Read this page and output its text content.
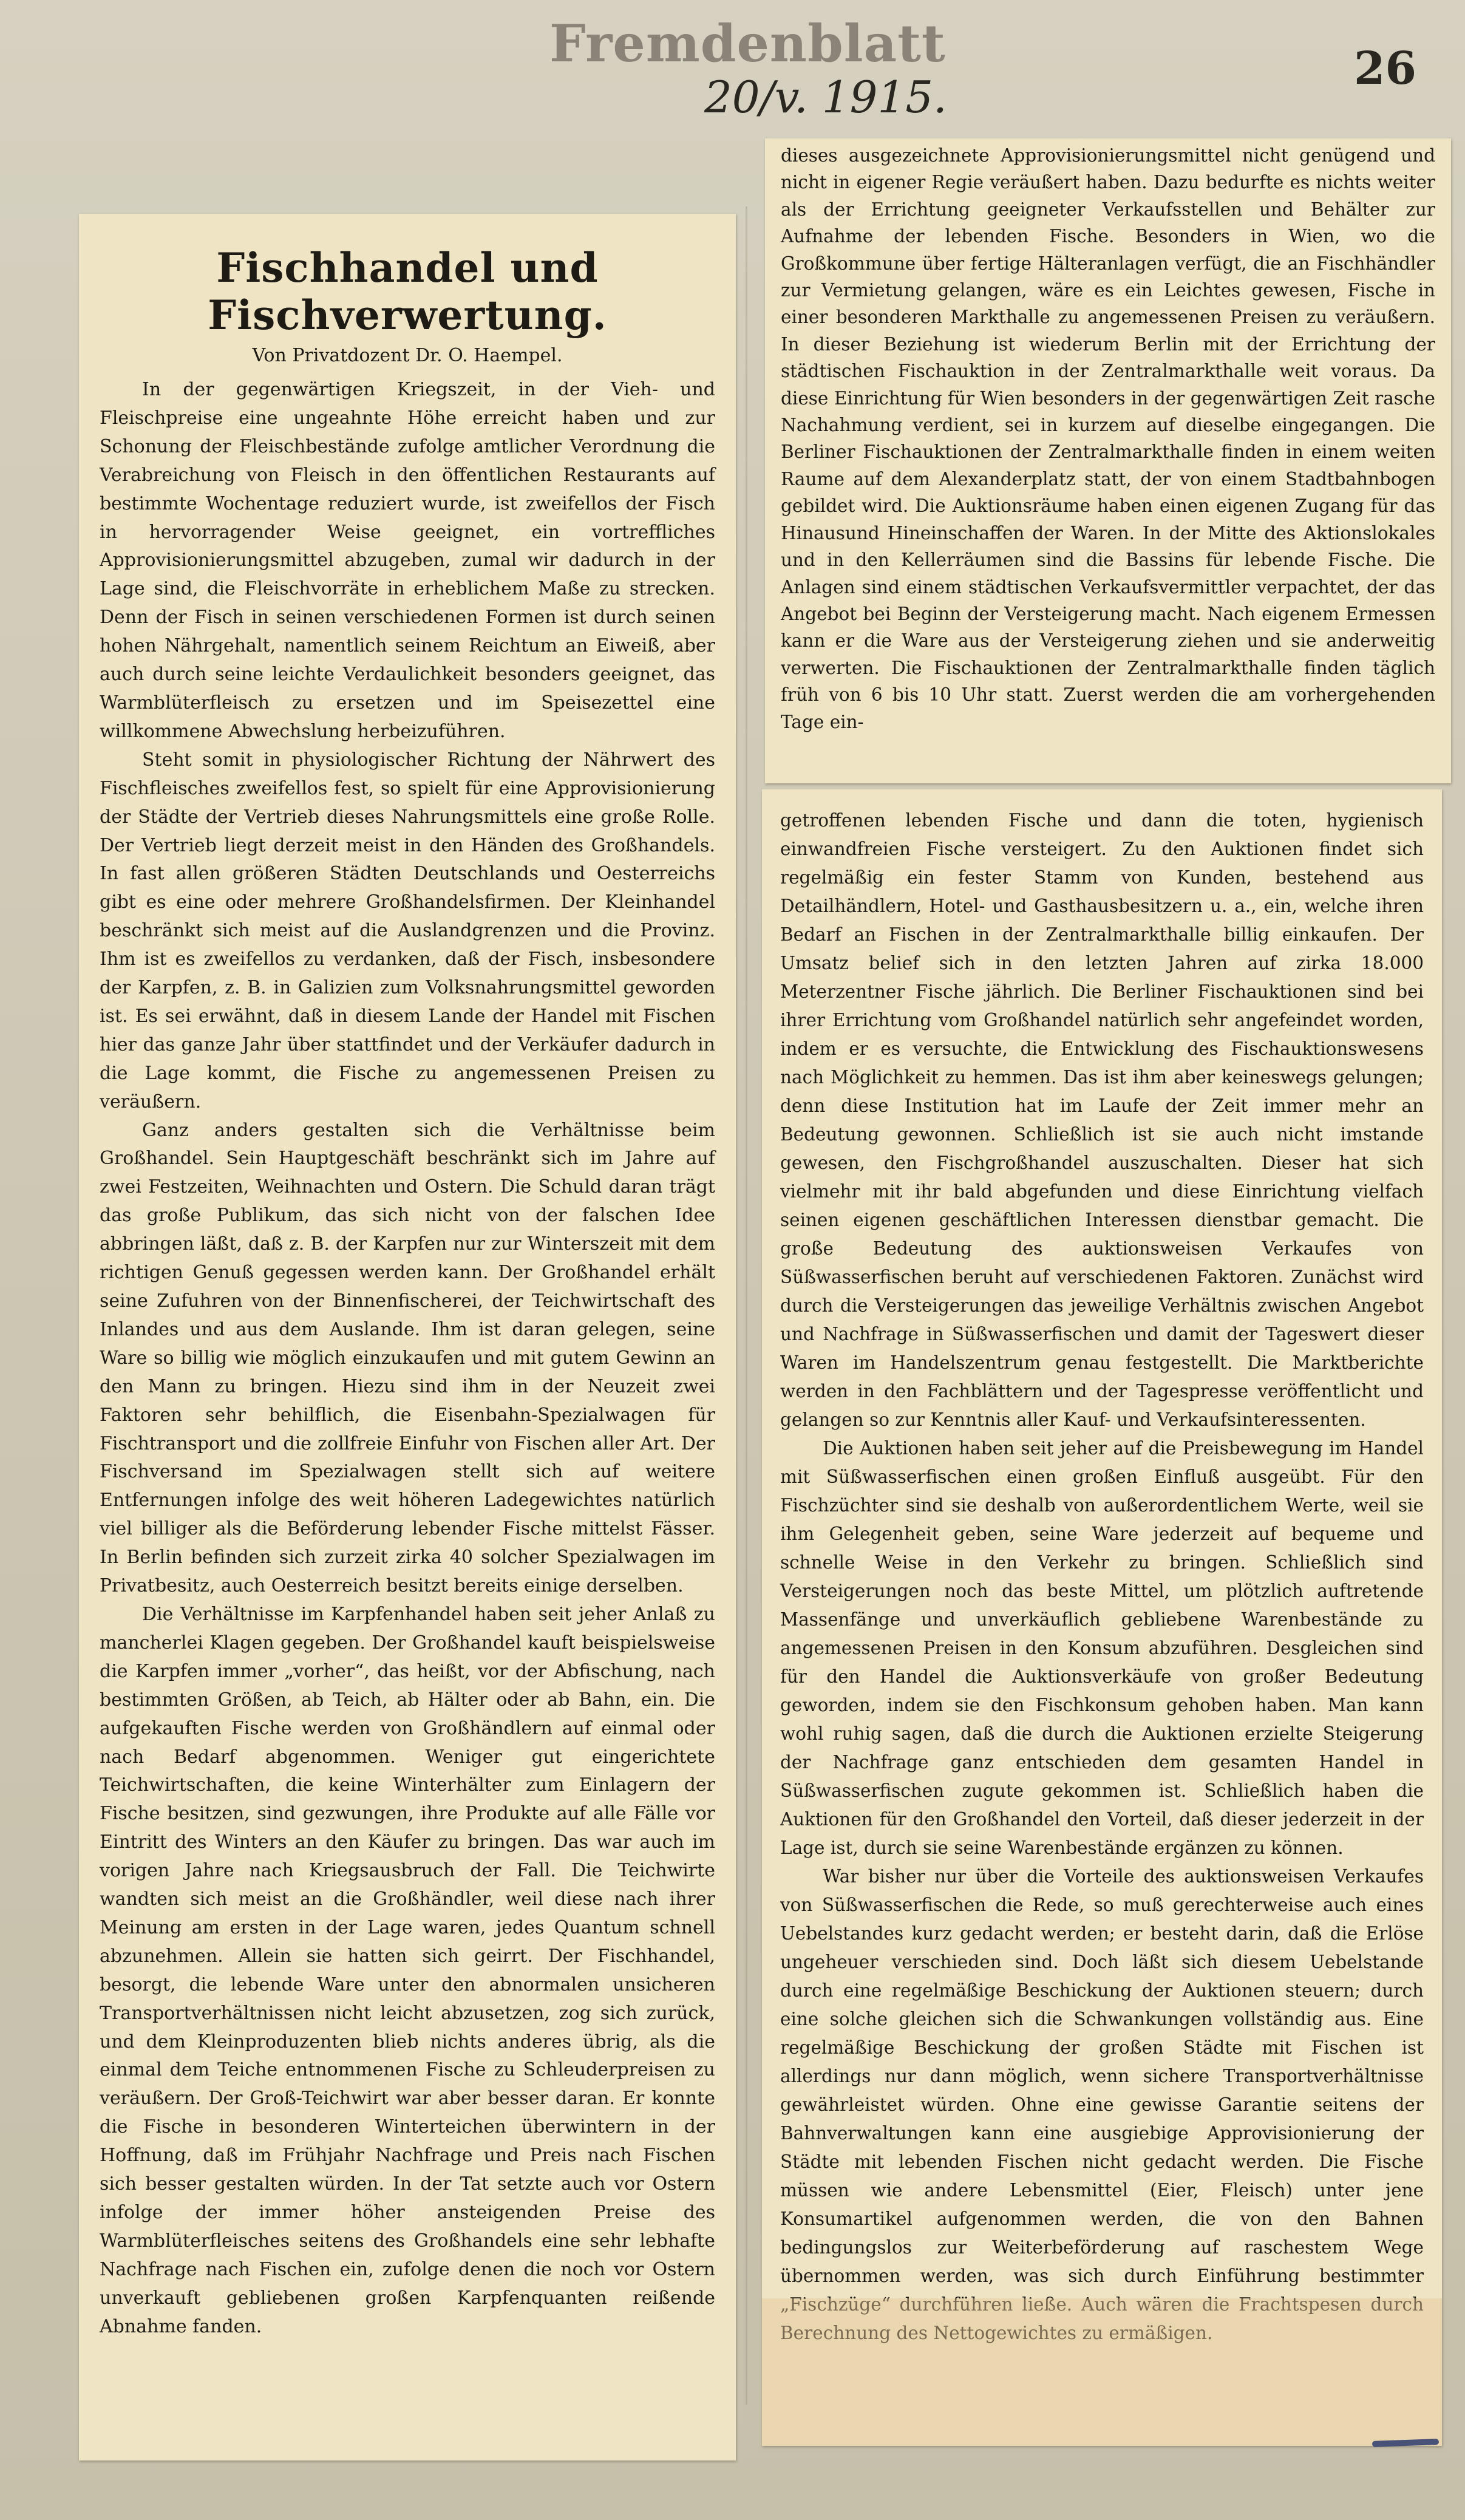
Fremdenblatt
20/v. 1915.
26
Fischhandel und Fischverwertung.
Von Privatdozent Dr. O. Haempel.
In der gegenwärtigen Kriegszeit, in der Vieh- und Fleischpreise eine ungeahnte Höhe erreicht haben und zur Schonung der Fleischbestände zufolge amtlicher Verordnung die Verabreichung von Fleisch in den öffentlichen Restaurants auf bestimmte Wochentage reduziert wurde, ist zweifellos der Fisch in hervorragender Weise geeignet, ein vortreffliches Approvisionierungsmittel abzugeben, zumal wir dadurch in der Lage sind, die Fleischvorräte in erheblichem Maße zu strecken. Denn der Fisch in seinen verschiedenen Formen ist durch seinen hohen Nährgehalt, namentlich seinem Reichtum an Eiweiß, aber auch durch seine leichte Verdaulichkeit besonders geeignet, das Warmblüterfleisch zu ersetzen und im Speisezettel eine willkommene Abwechslung herbeizuführen.
Steht somit in physiologischer Richtung der Nährwert des Fischfleisches zweifellos fest, so spielt für eine Approvisionierung der Städte der Vertrieb dieses Nahrungsmittels eine große Rolle. Der Vertrieb liegt derzeit meist in den Händen des Großhandels. In fast allen größeren Städten Deutschlands und Oesterreichs gibt es eine oder mehrere Großhandelsfirmen. Der Kleinhandel beschränkt sich meist auf die Auslandgrenzen und die Provinz. Ihm ist es zweifellos zu verdanken, daß der Fisch, insbesondere der Karpfen, z. B. in Galizien zum Volksnahrungsmittel geworden ist. Es sei erwähnt, daß in diesem Lande der Handel mit Fischen hier das ganze Jahr über stattfindet und der Verkäufer dadurch in die Lage kommt, die Fische zu angemessenen Preisen zu veräußern.
Ganz anders gestalten sich die Verhältnisse beim Großhandel. Sein Hauptgeschäft beschränkt sich im Jahre auf zwei Festzeiten, Weihnachten und Ostern. Die Schuld daran trägt das große Publikum, das sich nicht von der falschen Idee abbringen läßt, daß z. B. der Karpfen nur zur Winterszeit mit dem richtigen Genuß gegessen werden kann. Der Großhandel erhält seine Zufuhren von der Binnenfischerei, der Teichwirtschaft des Inlandes und aus dem Auslande. Ihm ist daran gelegen, seine Ware so billig wie möglich einzukaufen und mit gutem Gewinn an den Mann zu bringen. Hiezu sind ihm in der Neuzeit zwei Faktoren sehr behilflich, die Eisenbahn-Spezialwagen für Fischtransport und die zollfreie Einfuhr von Fischen aller Art. Der Fischversand im Spezialwagen stellt sich auf weitere Entfernungen infolge des weit höheren Ladegewichtes natürlich viel billiger als die Beförderung lebender Fische mittelst Fässer. In Berlin befinden sich zurzeit zirka 40 solcher Spezialwagen im Privatbesitz, auch Oesterreich besitzt bereits einige derselben.
Die Verhältnisse im Karpfenhandel haben seit jeher Anlaß zu mancherlei Klagen gegeben. Der Großhandel kauft beispielsweise die Karpfen immer „vorher“, das heißt, vor der Abfischung, nach bestimmten Größen, ab Teich, ab Hälter oder ab Bahn, ein. Die aufgekauften Fische werden von Großhändlern auf einmal oder nach Bedarf abgenommen. Weniger gut eingerichtete Teichwirtschaften, die keine Winterhälter zum Einlagern der Fische besitzen, sind gezwungen, ihre Produkte auf alle Fälle vor Eintritt des Winters an den Käufer zu bringen. Das war auch im vorigen Jahre nach Kriegsausbruch der Fall. Die Teichwirte wandten sich meist an die Großhändler, weil diese nach ihrer Meinung am ersten in der Lage waren, jedes Quantum schnell abzunehmen. Allein sie hatten sich geirrt. Der Fischhandel, besorgt, die lebende Ware unter den abnormalen unsicheren Transportverhältnissen nicht leicht abzusetzen, zog sich zurück, und dem Kleinproduzenten blieb nichts anderes übrig, als die einmal dem Teiche entnommenen Fische zu Schleuderpreisen zu veräußern. Der Groß-Teichwirt war aber besser daran. Er konnte die Fische in besonderen Winterteichen überwintern in der Hoffnung, daß im Frühjahr Nachfrage und Preis nach Fischen sich besser gestalten würden. In der Tat setzte auch vor Ostern infolge der immer höher ansteigenden Preise des Warmblüterfleisches seitens des Großhandels eine sehr lebhafte Nachfrage nach Fischen ein, zufolge denen die noch vor Ostern unverkauft gebliebenen großen Karpfenquanten reißende Abnahme fanden.
dieses ausgezeichnete Approvisionierungsmittel nicht genügend und nicht in eigener Regie veräußert haben. Dazu bedurfte es nichts weiter als der Errichtung geeigneter Verkaufsstellen und Behälter zur Aufnahme der lebenden Fische. Besonders in Wien, wo die Großkommune über fertige Hälteranlagen verfügt, die an Fischhändler zur Vermietung gelangen, wäre es ein Leichtes gewesen, Fische in einer besonderen Markthalle zu angemessenen Preisen zu veräußern. In dieser Beziehung ist wiederum Berlin mit der Errichtung der städtischen Fischauktion in der Zentralmarkthalle weit voraus. Da diese Einrichtung für Wien besonders in der gegenwärtigen Zeit rasche Nachahmung verdient, sei in kurzem auf dieselbe eingegangen. Die Berliner Fischauktionen der Zentralmarkthalle finden in einem weiten Raume auf dem Alexanderplatz statt, der von einem Stadtbahnbogen gebildet wird. Die Auktionsräume haben einen eigenen Zugang für das Hinausund Hineinschaffen der Waren. In der Mitte des Aktionslokales und in den Kellerräumen sind die Bassins für lebende Fische. Die Anlagen sind einem städtischen Verkaufsvermittler verpachtet, der das Angebot bei Beginn der Versteigerung macht. Nach eigenem Ermessen kann er die Ware aus der Versteigerung ziehen und sie anderweitig verwerten. Die Fischauktionen der Zentralmarkthalle finden täglich früh von 6 bis 10 Uhr statt. Zuerst werden die am vorhergehenden Tage ein-
getroffenen lebenden Fische und dann die toten, hygienisch einwandfreien Fische versteigert. Zu den Auktionen findet sich regelmäßig ein fester Stamm von Kunden, bestehend aus Detailhändlern, Hotel- und Gasthausbesitzern u. a., ein, welche ihren Bedarf an Fischen in der Zentralmarkthalle billig einkaufen. Der Umsatz belief sich in den letzten Jahren auf zirka 18.000 Meterzentner Fische jährlich. Die Berliner Fischauktionen sind bei ihrer Errichtung vom Großhandel natürlich sehr angefeindet worden, indem er es versuchte, die Entwicklung des Fischauktionswesens nach Möglichkeit zu hemmen. Das ist ihm aber keineswegs gelungen; denn diese Institution hat im Laufe der Zeit immer mehr an Bedeutung gewonnen. Schließlich ist sie auch nicht imstande gewesen, den Fischgroßhandel auszuschalten. Dieser hat sich vielmehr mit ihr bald abgefunden und diese Einrichtung vielfach seinen eigenen geschäftlichen Interessen dienstbar gemacht. Die große Bedeutung des auktionsweisen Verkaufes von Süßwasserfischen beruht auf verschiedenen Faktoren. Zunächst wird durch die Versteigerungen das jeweilige Verhältnis zwischen Angebot und Nachfrage in Süßwasserfischen und damit der Tageswert dieser Waren im Handelszentrum genau festgestellt. Die Marktberichte werden in den Fachblättern und der Tagespresse veröffentlicht und gelangen so zur Kenntnis aller Kauf- und Verkaufsinteressenten.
Die Auktionen haben seit jeher auf die Preisbewegung im Handel mit Süßwasserfischen einen großen Einfluß ausgeübt. Für den Fischzüchter sind sie deshalb von außerordentlichem Werte, weil sie ihm Gelegenheit geben, seine Ware jederzeit auf bequeme und schnelle Weise in den Verkehr zu bringen. Schließlich sind Versteigerungen noch das beste Mittel, um plötzlich auftretende Massenfänge und unverkäuflich gebliebene Warenbestände zu angemessenen Preisen in den Konsum abzuführen. Desgleichen sind für den Handel die Auktionsverkäufe von großer Bedeutung geworden, indem sie den Fischkonsum gehoben haben. Man kann wohl ruhig sagen, daß die durch die Auktionen erzielte Steigerung der Nachfrage ganz entschieden dem gesamten Handel in Süßwasserfischen zugute gekommen ist. Schließlich haben die Auktionen für den Großhandel den Vorteil, daß dieser jederzeit in der Lage ist, durch sie seine Warenbestände ergänzen zu können.
War bisher nur über die Vorteile des auktionsweisen Verkaufes von Süßwasserfischen die Rede, so muß gerechterweise auch eines Uebelstandes kurz gedacht werden; er besteht darin, daß die Erlöse ungeheuer verschieden sind. Doch läßt sich diesem Uebelstande durch eine regelmäßige Beschickung der Auktionen steuern; durch eine solche gleichen sich die Schwankungen vollständig aus. Eine regelmäßige Beschickung der großen Städte mit Fischen ist allerdings nur dann möglich, wenn sichere Transportverhältnisse gewährleistet würden. Ohne eine gewisse Garantie seitens der Bahnverwaltungen kann eine ausgiebige Approvisionierung der Städte mit lebenden Fischen nicht gedacht werden. Die Fische müssen wie andere Lebensmittel (Eier, Fleisch) unter jene Konsumartikel aufgenommen werden, die von den Bahnen bedingungslos zur Weiterbeförderung auf raschestem Wege übernommen werden, was sich durch Einführung bestimmter „Fischzüge“ durchführen ließe. Auch wären die Frachtspesen durch Berechnung des Nettogewichtes zu ermäßigen.
